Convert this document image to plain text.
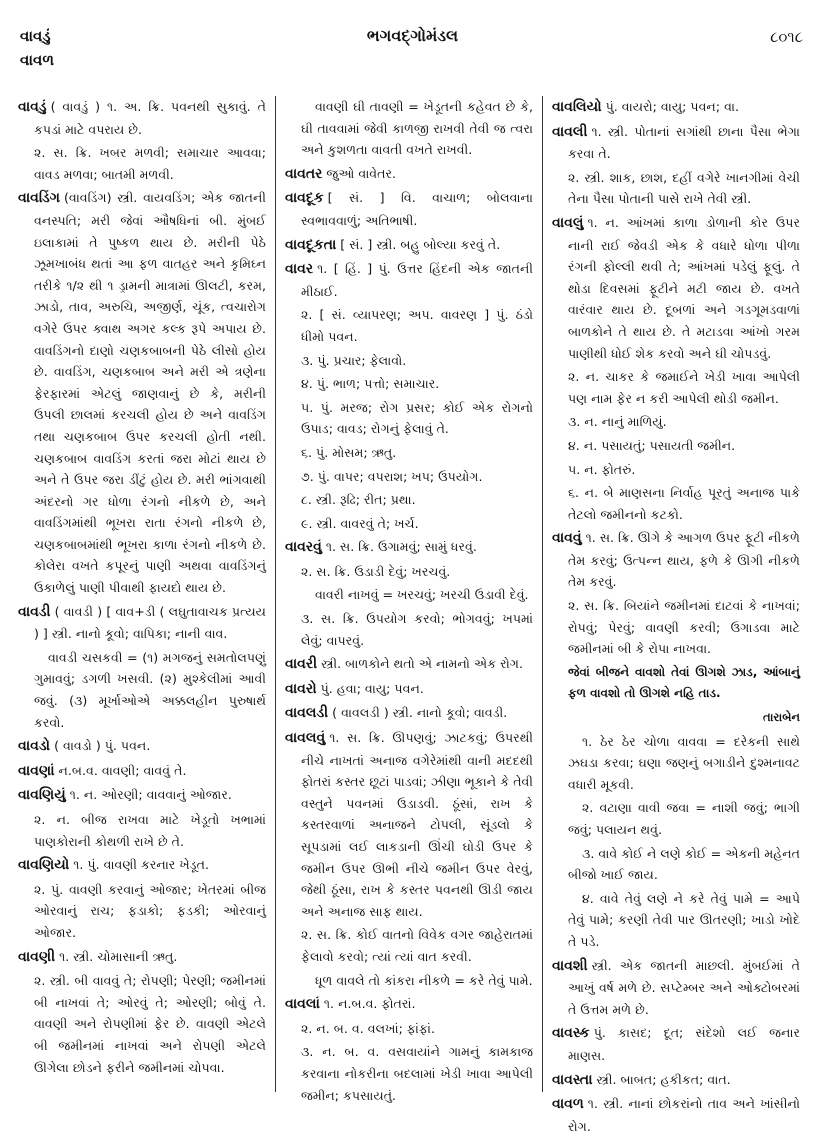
વાવડું
વાવળ
ભગવદ્ગોમંડલ	૮૦૧૮
વાવડું ( વાવડું ) ૧. અ. ક્રિ. પવનથી સુકાવું. તે કપડાં માટે વપરાય છે.
૨. સ. ક્રિ. ખબર મળવી; સમાચાર આવવા; વાવડ મળવા; બાતમી મળવી.
વાવડિંગ (વાવડિંગ) સ્ત્રી. વાયવડિંગ; એક જાતની વનસ્પતિ; મરી જેવાં ઔષધિનાં બી. મુંબઈ ઇલાકામાં તે પુષ્કળ થાય છે. મરીની પેઠે ઝૂમખાબંધ થતાં આ ફળ વાતહર અને કૃમિઘ્ન તરીકે ૧/૨ થી ૧ ડ્રામની માત્રામાં ઊલટી, કરમ, ઝાડો, તાવ, અરુચિ, અજીર્ણ, ચૂંક, ત્વચારોગ વગેરે ઉપર ક્વાથ અગર કલ્ક રૂપે અપાય છે. વાવડિંગનો દાણો ચણકબાબની પેઠે લીસો હોય છે. વાવડિંગ, ચણકબાબ અને મરી એ ત્રણેના ફેરફારમાં એટલું જાણવાનું છે કે, મરીની ઉપલી છાલમાં કરચલી હોય છે અને વાવડિંગ તથા ચણકબાબ ઉપર કરચલી હોતી નથી. ચણકબાબ વાવડિંગ કરતાં જરા મોટાં થાય છે અને તે ઉપર જરા ડીંટું હોય છે. મરી ભાંગવાથી અંદરનો ગર ધોળા રંગનો નીકળે છે, અને વાવડિંગમાંથી ભૂખરા રાતા રંગનો નીકળે છે, ચણકબાબમાંથી ભૂખરા કાળા રંગનો નીકળે છે. કોલેરા વખતે કપૂરનું પાણી અથવા વાવડિંગનું ઉકાળેલું પાણી પીવાથી ફાયદો થાય છે.
વાવડી ( વાવડી ) [ વાવ+ડી ( લઘુતાવાચક પ્રત્યય ) ] સ્ત્રી. નાનો કૂવો; વાપિકા; નાની વાવ.
વાવડી ચસકવી = (૧) મગજનું સમતોલપણું ગુમાવવું; ડગળી ખસવી. (૨) મુશ્કેલીમાં આવી જવું. (૩) મૂર્ખાઓએ અક્કલહીન પુરુષાર્થ કરવો.
વાવડો ( વાવડો ) પું. પવન.
વાવણાં ન.બ.વ. વાવણી; વાવવું તે.
વાવણિયું ૧. ન. ઓરણી; વાવવાનું ઓજાર.
૨. ન. બીજ રાખવા માટે ખેડૂતો ખભામાં પાણકોરાની કોથળી રાખે છે તે.
વાવણિયો ૧. પું. વાવણી કરનાર ખેડૂત.
૨. પું. વાવણી કરવાનું ઓજાર; ખેતરમાં બીજ ઓરવાનું રાચ; ફડાકો; ફડકી; ઓરવાનું ઓજાર.
વાવણી ૧. સ્ત્રી. ચોમાસાની ઋતુ.
૨. સ્ત્રી. બી વાવવું તે; રોપણી; પેરણી; જમીનમાં બી નાખવાં તે; ઓરવું તે; ઓરણી; બોવું તે. વાવણી અને રોપણીમાં ફેર છે. વાવણી એટલે બી જમીનમાં નાખવાં અને રોપણી એટલે ઊગેલા છોડને ફરીને જમીનમાં ચોપવા.
વાવણી ઘી તાવણી = ખેડૂતની કહેવત છે કે, ઘી તાવવામાં જેવી કાળજી રાખવી તેવી જ ત્વરા અને કુશળતા વાવતી વખતે રાખવી.
વાવતર જુઓ વાવેતર.
વાવદૂક [ સં. ] વિ. વાચાળ; બોલવાના સ્વભાવવાળું; અતિભાષી.
વાવદૂકતા [ સં. ] સ્ત્રી. બહુ બોલ્યા કરવું તે.
વાવર ૧. [ હિં. ] પું. ઉત્તર હિંદની એક જાતની મીઠાઈ.
૨. [ સં. વ્યાપરણ; અપ. વાવરણ ] પું. ઠંડો ધીમો પવન.
૩. પું. પ્રચાર; ફેલાવો.
૪. પું. ભાળ; પત્તો; સમાચાર.
૫. પું. મરજ; રોગ પ્રસર; કોઈ એક રોગનો ઉપાડ; વાવડ; રોગનું ફેલાવું તે.
૬. પું. મોસમ; ઋતુ.
૭. પું. વાપર; વપરાશ; ખપ; ઉપયોગ.
૮. સ્ત્રી. રૂઢિ; રીત; પ્રથા.
૯. સ્ત્રી. વાવરવું તે; ખર્ચ.
વાવરવું ૧. સ. ક્રિ. ઉગામવું; સામું ધરવું.
૨. સ. ક્રિ. ઉડાડી દેવું; ખરચવું.
વાવરી નાખવું = ખરચવું; ખરચી ઉડાવી દેવું.
૩. સ. ક્રિ. ઉપયોગ કરવો; ભોગવવું; ખપમાં લેવું; વાપરવું.
વાવરી સ્ત્રી. બાળકોને થતો એ નામનો એક રોગ.
વાવરો પું. હવા; વાયુ; પવન.
વાવલડી ( વાવલડી ) સ્ત્રી. નાનો કૂવો; વાવડી.
વાવલવું ૧. સ. ક્રિ. ઊપણવું; ઝાટકવું; ઉપરથી નીચે નાખતાં અનાજ વગેરેમાંથી વાની મદદથી ફોતરાં કસ્તર છૂટાં પાડવાં; ઝીણા ભૂકાને કે તેવી વસ્તુને પવનમાં ઉડાડવી. ઠૂંસાં, રાખ કે કસ્તરવાળાં અનાજને ટોપલી, સૂંડલો કે સૂપડામાં લઈ લાકડાની ઊંચી ઘોડી ઉપર કે જમીન ઉપર ઊભી નીચે જમીન ઉપર વેરવું, જેથી ઠૂંસા, રાખ કે કસ્તર પવનથી ઊડી જાય અને અનાજ સાફ થાય.
૨. સ. ક્રિ. કોઈ વાતનો વિવેક વગર જાહેરાતમાં ફેલાવો કરવો; ત્યાં ત્યાં વાત કરવી.
ધૂળ વાવલે તો કાંકરા નીકળે = કરે તેવું પામે.
વાવલાં ૧. ન.બ.વ. ફોતરાં.
૨. ન. બ. વ. વલખાં; ફાંફાં.
૩. ન. બ. વ. વસવાયાંને ગામનું કામકાજ કરવાના નોકરીના બદલામાં ખેડી ખાવા આપેલી જમીન; કપસાયતું.
વાવલિયો પું. વાયરો; વાયુ; પવન; વા.
વાવલી ૧. સ્ત્રી. પોતાનાં સગાંથી છાના પૈસા ભેગા કરવા તે.
૨. સ્ત્રી. શાક, છાશ, દહીં વગેરે ખાનગીમાં વેચી તેના પૈસા પોતાની પાસે રાખે તેવી સ્ત્રી.
વાવલું ૧. ન. આંખમાં કાળા ડોળાની કોર ઉપર નાની રાઈ જેવડી એક કે વધારે ધોળા પીળા રંગની ફોલ્લી થવી તે; આંખમાં પડેલું ફૂલું. તે થોડા દિવસમાં ફૂટીને મટી જાય છે. વખતે વારંવાર થાય છે. દૂબળાં અને ગડગૂમડવાળાં બાળકોને તે થાય છે. તે મટાડવા આંખો ગરમ પાણીથી ધોઈ શેક કરવો અને ઘી ચોપડવું.
૨. ન. ચાકર કે જમાઈને ખેડી ખાવા આપેલી પણ નામ ફેર ન કરી આપેલી થોડી જમીન.
૩. ન. નાનું માળિયું.
૪. ન. પસાયતું; પસાયતી જમીન.
૫. ન. ફોતરું.
૬. ન. બે માણસના નિર્વાહ પૂરતું અનાજ પાકે તેટલો જમીનનો કટકો.
વાવવું ૧. સ. ક્રિ. ઊગે કે આગળ ઉપર ફૂટી નીકળે તેમ કરવું; ઉત્પન્ન થાય, ફળે કે ઊગી નીકળે તેમ કરવું.
૨. સ. ક્રિ. બિયાંને જમીનમાં દાટવાં કે નાખવાં; રોપવું; પેરવું; વાવણી કરવી; ઉગાડવા માટે જમીનમાં બી કે રોપા નાખવા.
જેવાં બીજને વાવશો તેવાં ઊગશે ઝાડ, આંબાનું ફળ વાવશો તો ઊગશે નહિ તાડ.
તારાબેન
૧. ઠેર ઠેર ચોળા વાવવા = દરેકની સાથે ઝઘડા કરવા; ઘણા જણનું બગાડીને દુશ્મનાવટ વધારી મૂકવી.
૨. વટાણા વાવી જવા = નાશી જવું; ભાગી જવું; પલાયન થવું.
૩. વાવે કોઈ ને લણે કોઈ = એકની મહેનત બીજો ખાઈ જાય.
૪. વાવે તેવું લણે ને કરે તેવું પામે = આપે તેવું પામે; કરણી તેવી પાર ઊતરણી; ખાડો ખોદે તે પડે.
વાવશી સ્ત્રી. એક જાતની માછલી. મુંબઈમાં તે આખું વર્ષ મળે છે. સપ્ટેમ્બર અને ઓક્ટોબરમાં તે ઉત્તમ મળે છે.
વાવસ્ક પું. કાસદ; દૂત; સંદેશો લઈ જનાર માણસ.
વાવસ્તા સ્ત્રી. બાબત; હકીકત; વાત.
વાવળ ૧. સ્ત્રી. નાનાં છોકરાંનો તાવ અને ખાંસીનો રોગ.
